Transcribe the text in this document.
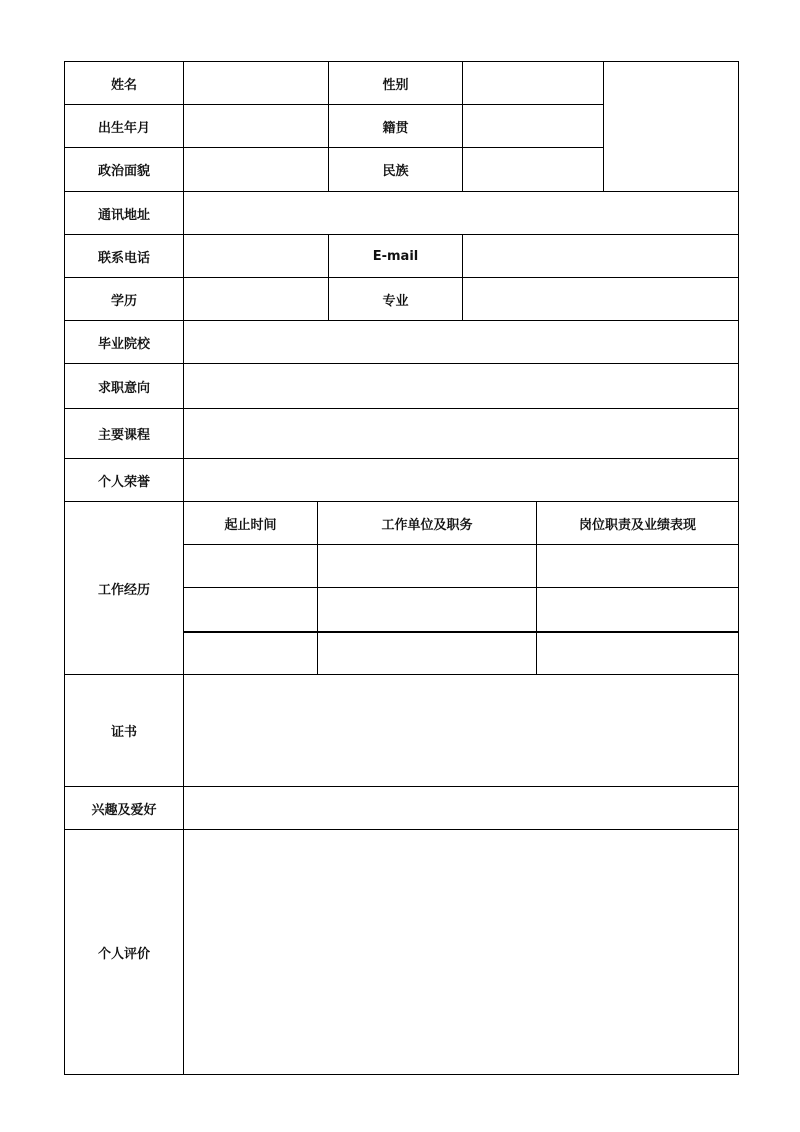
姓名			性别			
出生年月			籍贯			
政治面貌			民族			
通讯地址						
联系电话			E-mail			
学历			专业			
毕业院校						
求职意向						
主要课程						
个人荣誉						
工作经历	起止时间	工作单位及职务			岗位职责及业绩表现	

证书						
兴趣及爱好						
个人评价						
